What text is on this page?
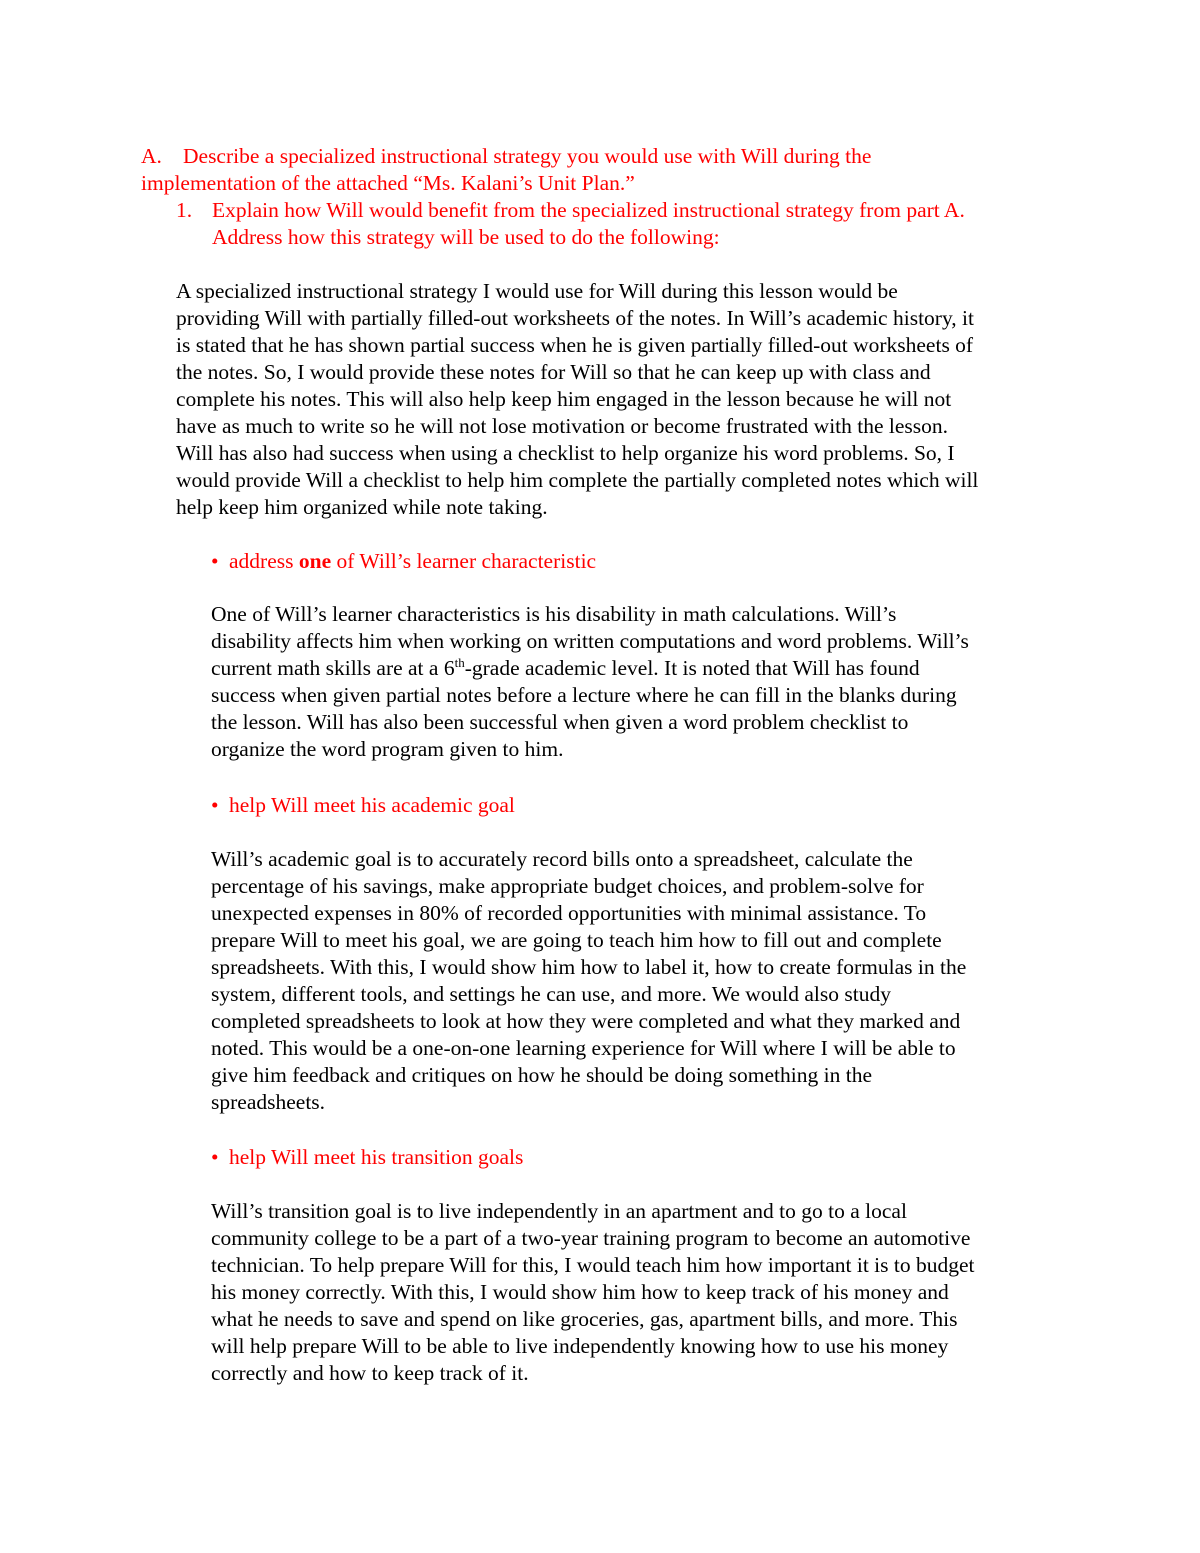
A. Describe a specialized instructional strategy you would use with Will during the
implementation of the attached “Ms. Kalani’s Unit Plan.”
1. Explain how Will would benefit from the specialized instructional strategy from part A.
Address how this strategy will be used to do the following:
A specialized instructional strategy I would use for Will during this lesson would be
providing Will with partially filled-out worksheets of the notes. In Will’s academic history, it
is stated that he has shown partial success when he is given partially filled-out worksheets of
the notes. So, I would provide these notes for Will so that he can keep up with class and
complete his notes. This will also help keep him engaged in the lesson because he will not
have as much to write so he will not lose motivation or become frustrated with the lesson.
Will has also had success when using a checklist to help organize his word problems. So, I
would provide Will a checklist to help him complete the partially completed notes which will
help keep him organized while note taking.
• address one of Will’s learner characteristic
One of Will’s learner characteristics is his disability in math calculations. Will’s
disability affects him when working on written computations and word problems. Will’s
current math skills are at a 6th-grade academic level. It is noted that Will has found
success when given partial notes before a lecture where he can fill in the blanks during
the lesson. Will has also been successful when given a word problem checklist to
organize the word program given to him.
• help Will meet his academic goal
Will’s academic goal is to accurately record bills onto a spreadsheet, calculate the
percentage of his savings, make appropriate budget choices, and problem-solve for
unexpected expenses in 80% of recorded opportunities with minimal assistance. To
prepare Will to meet his goal, we are going to teach him how to fill out and complete
spreadsheets. With this, I would show him how to label it, how to create formulas in the
system, different tools, and settings he can use, and more. We would also study
completed spreadsheets to look at how they were completed and what they marked and
noted. This would be a one-on-one learning experience for Will where I will be able to
give him feedback and critiques on how he should be doing something in the
spreadsheets.
• help Will meet his transition goals
Will’s transition goal is to live independently in an apartment and to go to a local
community college to be a part of a two-year training program to become an automotive
technician. To help prepare Will for this, I would teach him how important it is to budget
his money correctly. With this, I would show him how to keep track of his money and
what he needs to save and spend on like groceries, gas, apartment bills, and more. This
will help prepare Will to be able to live independently knowing how to use his money
correctly and how to keep track of it.
